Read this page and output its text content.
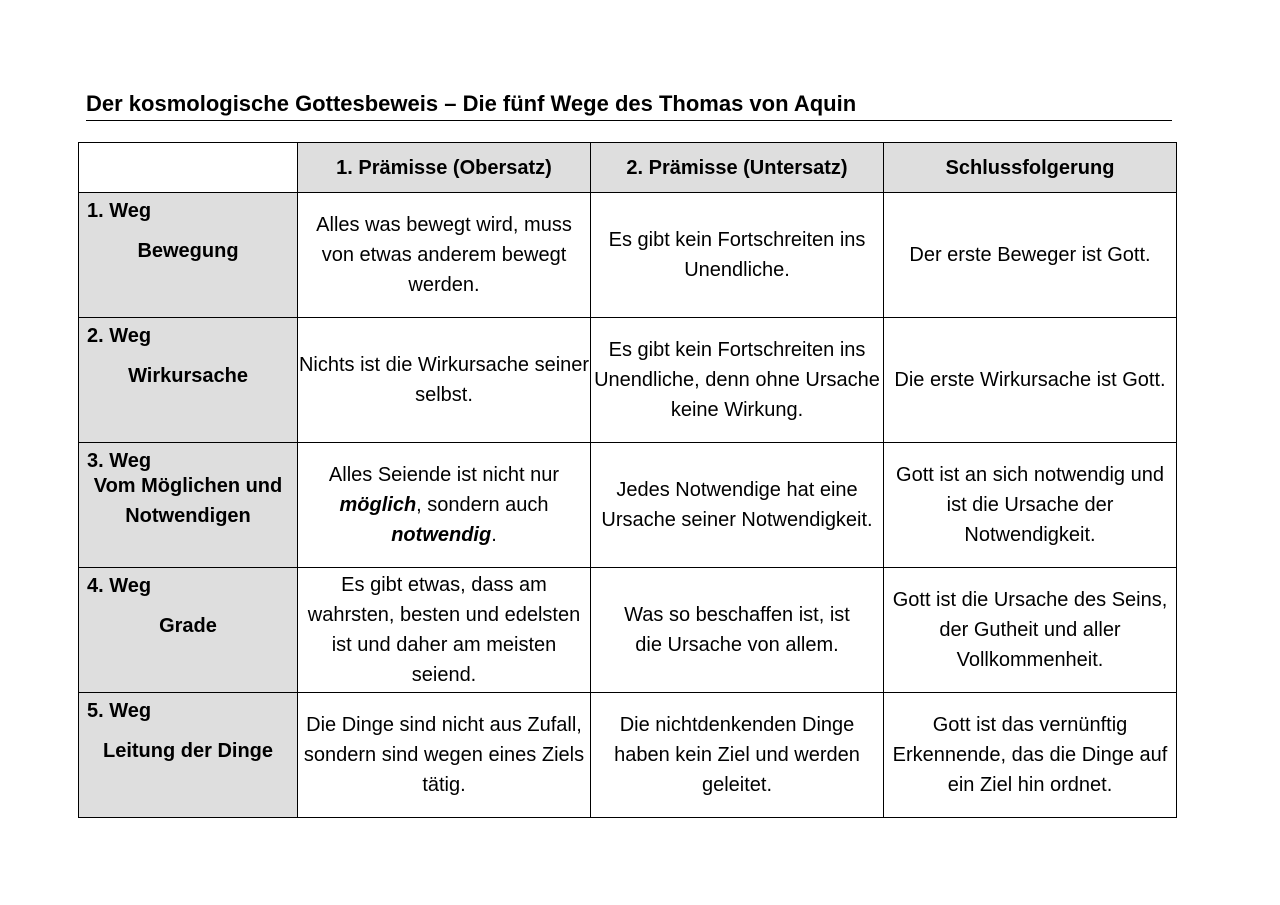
Der kosmologische Gottesbeweis – Die fünf Wege des Thomas von Aquin
	1. Prämisse (Obersatz)	2. Prämisse (Untersatz)	Schlussfolgerung

1. Weg
Bewegung	Alles was bewegt wird, muss von etwas anderem bewegt werden.	Es gibt kein Fortschreiten ins Unendliche.	Der erste Beweger ist Gott.

2. Weg
Wirkursache	Nichts ist die Wirkursache seiner selbst.	Es gibt kein Fortschreiten ins Unendliche, denn ohne Ursache keine Wirkung.	Die erste Wirkursache ist Gott.

3. Weg
Vom Möglichen und Notwendigen	Alles Seiende ist nicht nur möglich, sondern auch notwendig.	Jedes Notwendige hat eine Ursache seiner Notwendigkeit.	Gott ist an sich notwendig und ist die Ursache der Notwendigkeit.

4. Weg
Grade	Es gibt etwas, dass am wahrsten, besten und edelsten ist und daher am meisten seiend.	Was so beschaffen ist, ist die Ursache von allem.	Gott ist die Ursache des Seins, der Gutheit und aller Vollkommenheit.

5. Weg
Leitung der Dinge	Die Dinge sind nicht aus Zufall, sondern sind wegen eines Ziels tätig.	Die nichtdenkenden Dinge haben kein Ziel und werden geleitet.	Gott ist das vernünftig Erkennende, das die Dinge auf ein Ziel hin ordnet.
